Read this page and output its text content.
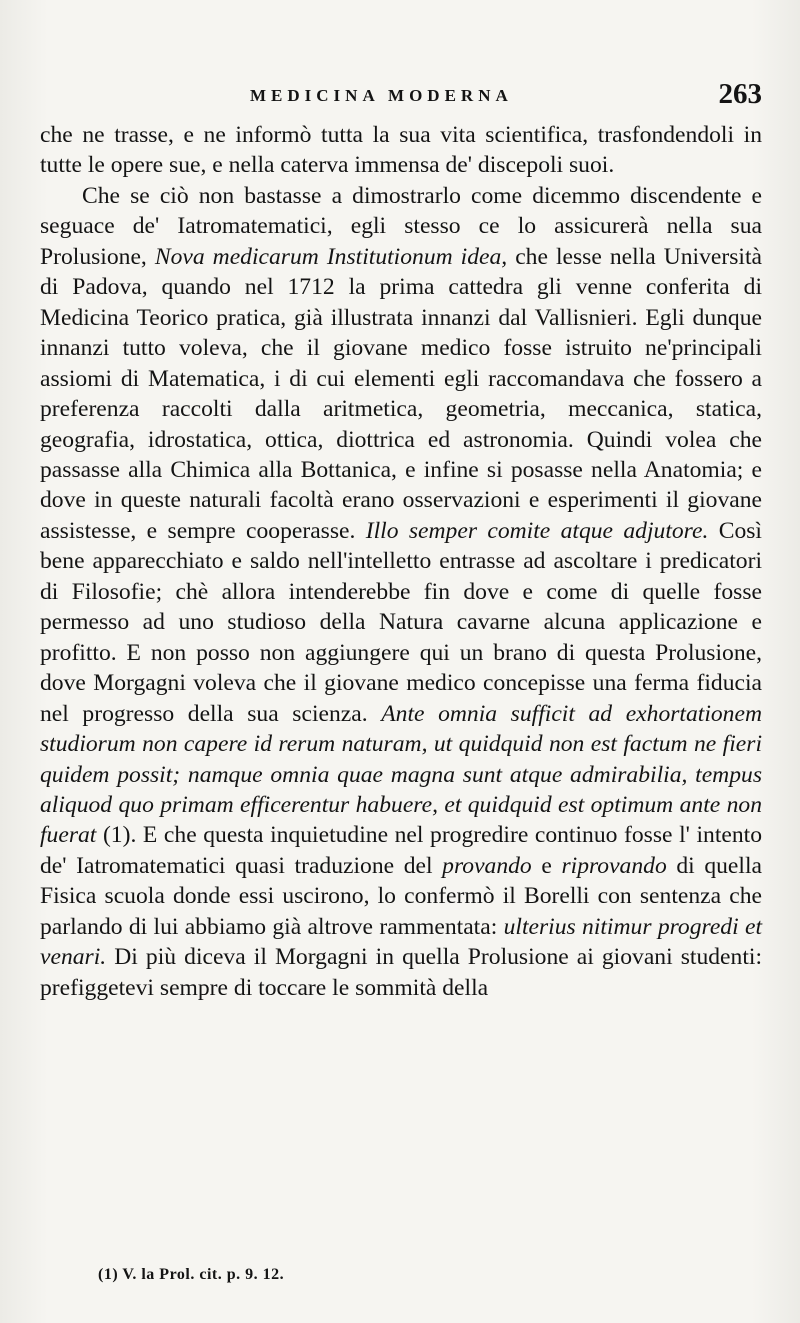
MEDICINA MODERNA	263

che ne trasse, e ne informò tutta la sua vita scientifica, trasfondendoli in tutte le opere sue, e nella caterva immensa de' discepoli suoi.

Che se ciò non bastasse a dimostrarlo come dicemmo discendente e seguace de' Iatromatematici, egli stesso ce lo assicurerà nella sua Prolusione, Nova medicarum Institutionum idea, che lesse nella Università di Padova, quando nel 1712 la prima cattedra gli venne conferita di Medicina Teorico pratica, già illustrata innanzi dal Vallisnieri. Egli dunque innanzi tutto voleva, che il giovane medico fosse istruito ne'principali assiomi di Matematica, i di cui elementi egli raccomandava che fossero a preferenza raccolti dalla aritmetica, geometria, meccanica, statica, geografia, idrostatica, ottica, diottrica ed astronomia. Quindi volea che passasse alla Chimica alla Bottanica, e infine si posasse nella Anatomia; e dove in queste naturali facoltà erano osservazioni e esperimenti il giovane assistesse, e sempre cooperasse. Illo semper comite atque adjutore. Così bene apparecchiato e saldo nell'intelletto entrasse ad ascoltare i predicatori di Filosofie; chè allora intenderebbe fin dove e come di quelle fosse permesso ad uno studioso della Natura cavarne alcuna applicazione e profitto. E non posso non aggiungere qui un brano di questa Prolusione, dove Morgagni voleva che il giovane medico concepisse una ferma fiducia nel progresso della sua scienza. Ante omnia sufficit ad exhortationem studiorum non capere id rerum naturam, ut quidquid non est factum ne fieri quidem possit; namque omnia quae magna sunt atque admirabilia, tempus aliquod quo primam efficerentur habuere, et quidquid est optimum ante non fuerat (1). E che questa inquietudine nel progredire continuo fosse l' intento de' Iatromatematici quasi traduzione del provando e riprovando di quella Fisica scuola donde essi uscirono, lo confermò il Borelli con sentenza che parlando di lui abbiamo già altrove rammentata: ulterius nitimur progredi et venari. Di più diceva il Morgagni in quella Prolusione ai giovani studenti: prefiggetevi sempre di toccare le sommità della

(1) V. la Prol. cit. p. 9. 12.
